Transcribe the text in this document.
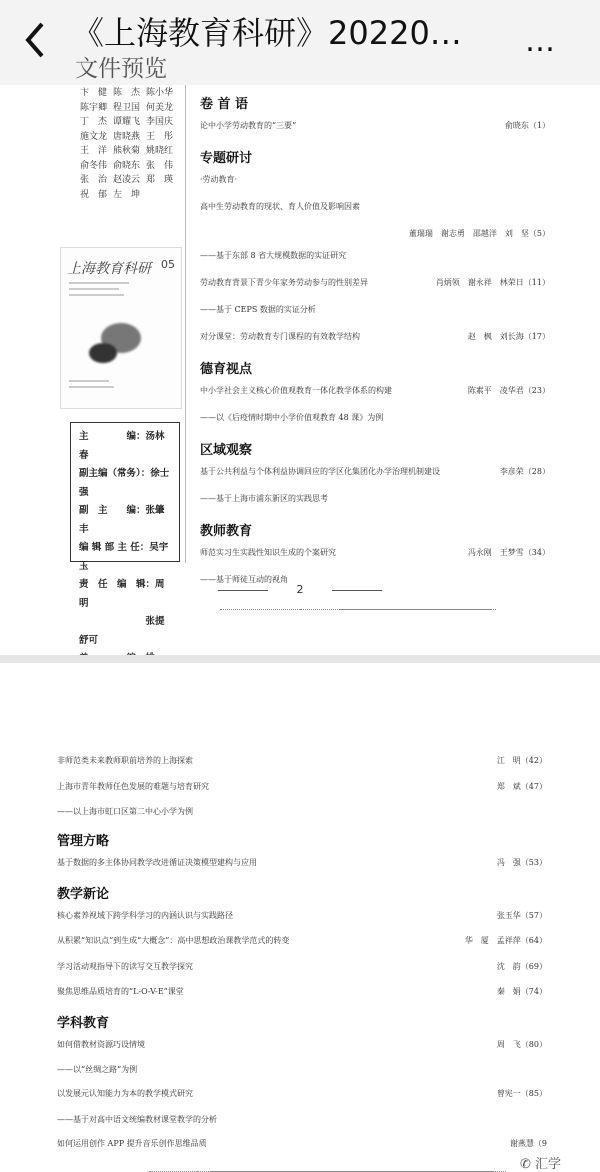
《上海教育科研》20220… …
文件预览
卞　健 陈　杰 陈小华
陈宇卿 程卫国 何美龙
丁　杰 谭耀飞 李国庆
施文龙 唐晓燕 王　彤
王　洋 熊秋菊 姚晓红
俞冬伟 俞晓东 张　伟
张　治 赵凌云 郑　瑛
祝　郁 左　坤
上海教育科研 05
主　　　　编：汤林春
副主编（常务）：徐士强
副　主　　编：张肇丰
编 辑 部 主 任：吴宇玉
责　任　编　辑：周　明
　　　　　　　张提舒可
卷 首 语
论中小学劳动教育的“三要”	俞晓东（1）
专题研讨
·劳动教育·
高中生劳动教育的现状、育人价值及影响因素
董瑞瑞　谢志勇　邵越洋　刘　坚（5）
——基于东部 8 省大规模数据的实证研究
劳动教育背景下青少年家务劳动参与的性别差异	肖炳领　谢永祥　林荣日（11）
——基于 CEPS 数据的实证分析
对分课堂：劳动教育专门课程的有效教学结构	赵　枫　刘长海（17）
德育视点
中小学社会主义核心价值观教育一体化教学体系的构建	陈素平　凌华君（23）
——以《后疫情时期中小学价值观教育 48 课》为例
区域观察
基于公共利益与个体利益协调回应的学区化集团化办学治理机制建设	李彦荣（28）
——基于上海市浦东新区的实践思考
教师教育
师范实习生实践性知识生成的个案研究	冯永刚　王梦雪（34）
——基于师徒互动的视角
2
非师范类未来教师职前培养的上海探索	江　明（42）
上海市青年教师任色发展的难题与培育研究	郑　斌（47）
——以上海市虹口区第二中心小学为例
管理方略
基于数据的多主体协同教学改进循证决策模型建构与应用	冯　强（53）
教学新论
核心素养视域下跨学科学习的内涵认识与实践路径	张玉华（57）
从积累“知识点”到生成“大概念”：高中思想政治课教学范式的转变	华　厦　孟祥萍（64）
学习活动观指导下的读写交互教学探究	沈　韵（69）
聚焦思维品质培育的“L-O-V-E”课堂	秦　娟（74）
学科教育
如何借教材资源巧设情境	周　飞（80）
——以“丝绸之路”为例
以发展元认知能力为本的教学模式研究	曾宪一（85）
——基于对高中语文统编教材课堂教学的分析
如何运用创作 APP 提升音乐创作思维品质	谢燕慧（9
✆ 汇学
